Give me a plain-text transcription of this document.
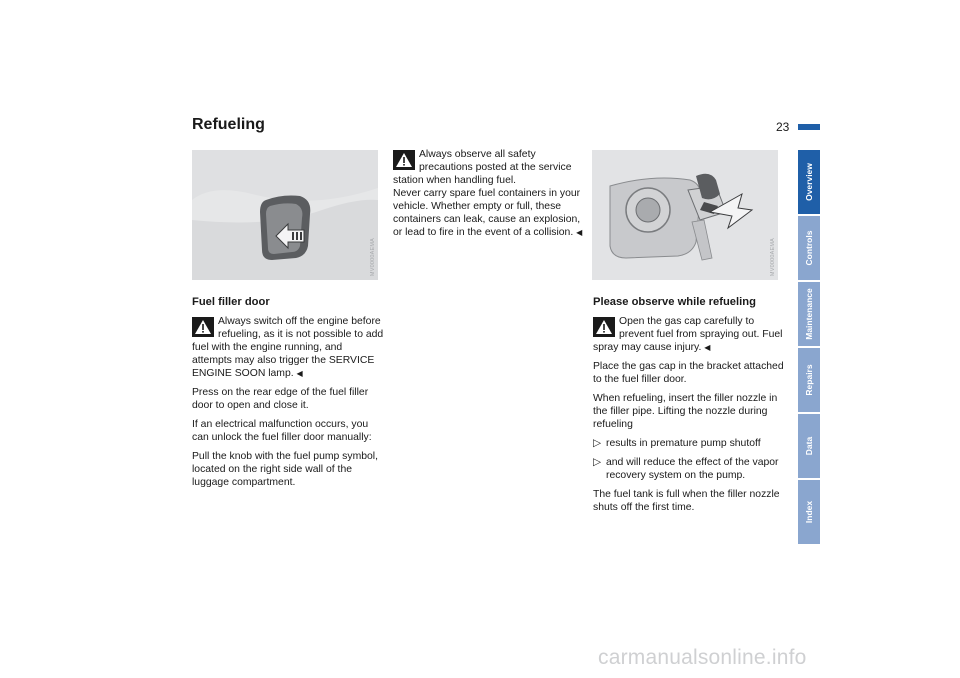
Refueling	23
Overview
Controls
Maintenance
Repairs
Data
Index
MV0000AEMA	MV0000AEMA
Fuel filler door

Always switch off the engine before refueling, as it is not possible to add fuel with the engine running, and attempts may also trigger the SERVICE ENGINE SOON lamp. ◀

Press on the rear edge of the fuel filler door to open and close it.

If an electrical malfunction occurs, you can unlock the fuel filler door manually:

Pull the knob with the fuel pump symbol, located on the right side wall of the luggage compartment.

Always observe all safety precautions posted at the service station when handling fuel.

Never carry spare fuel containers in your vehicle. Whether empty or full, these containers can leak, cause an explosion, or lead to fire in the event of a collision. ◀

Please observe while refueling

Open the gas cap carefully to prevent fuel from spraying out. Fuel spray may cause injury. ◀

Place the gas cap in the bracket attached to the fuel filler door.

When refueling, insert the filler nozzle in the filler pipe. Lifting the nozzle during refueling

▷ results in premature pump shutoff

▷ and will reduce the effect of the vapor recovery system on the pump.

The fuel tank is full when the filler nozzle shuts off the first time.

carmanualsonline.info
